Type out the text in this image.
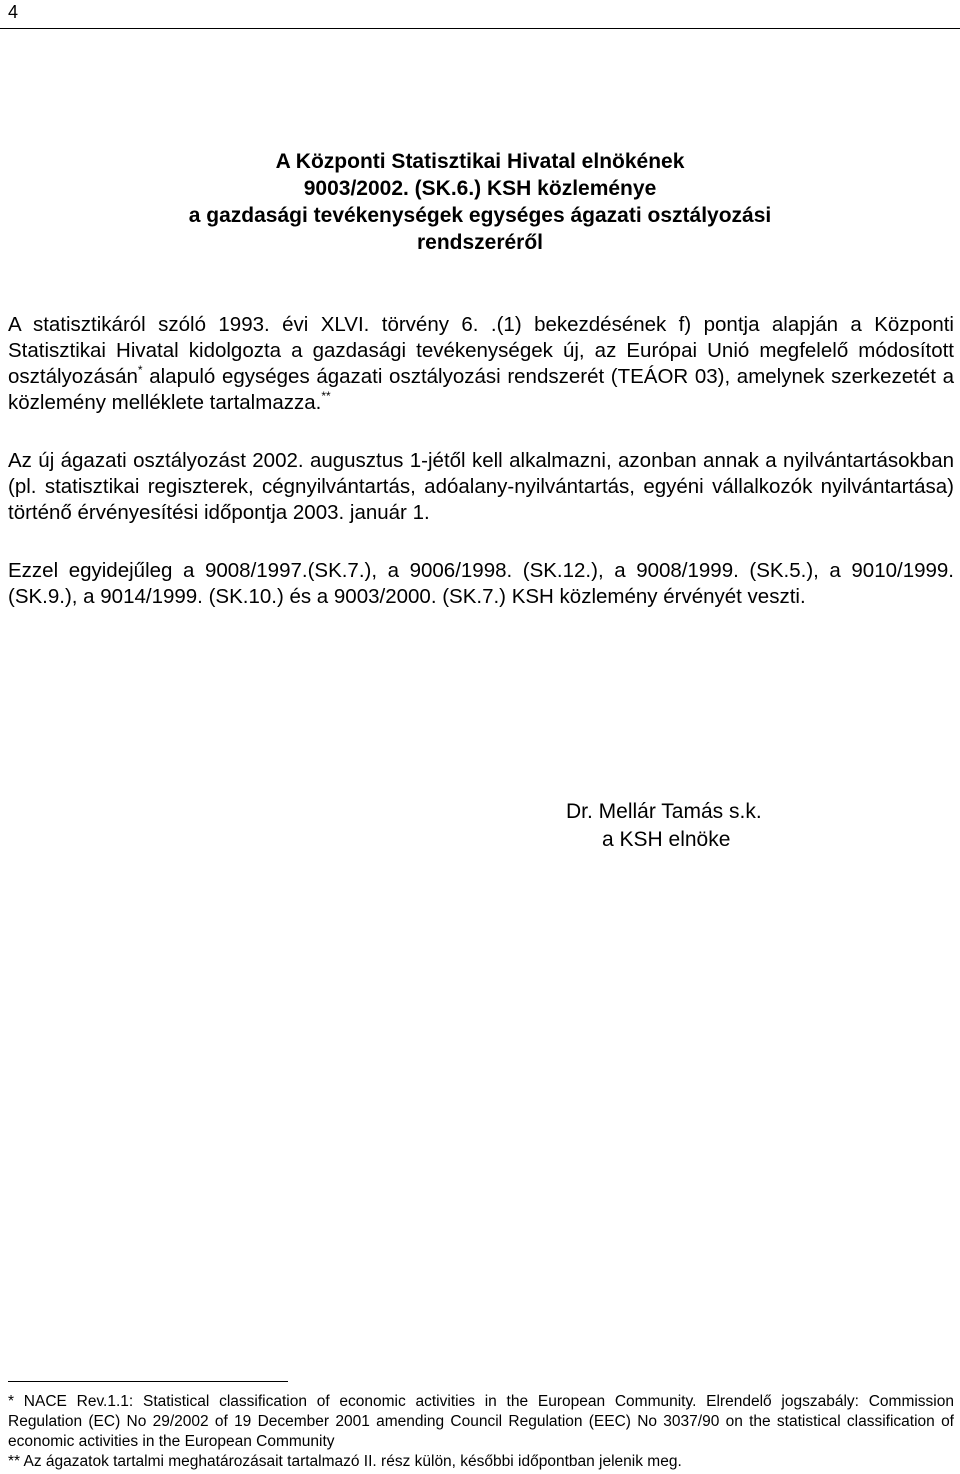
4
A Központi Statisztikai Hivatal elnökének
9003/2002. (SK.6.) KSH közleménye
a gazdasági tevékenységek egységes ágazati osztályozási
rendszeréről
A statisztikáról szóló 1993. évi XLVI. törvény 6. .(1) bekezdésének f) pontja alapján a Központi Statisztikai Hivatal kidolgozta a gazdasági tevékenységek új, az Európai Unió megfelelő módosított osztályozásán* alapuló egységes ágazati osztályozási rendszerét (TEÁOR 03), amelynek szerkezetét a közlemény melléklete tartalmazza.**
Az új ágazati osztályozást 2002. augusztus 1-jétől kell alkalmazni, azonban annak a nyilvántartásokban (pl. statisztikai regiszterek, cégnyilvántartás, adóalany-nyilvántartás, egyéni vállalkozók nyilvántartása) történő érvényesítési időpontja 2003. január 1.
Ezzel egyidejűleg a 9008/1997.(SK.7.), a 9006/1998. (SK.12.), a 9008/1999. (SK.5.), a 9010/1999. (SK.9.), a 9014/1999. (SK.10.) és a 9003/2000. (SK.7.) KSH közlemény érvényét veszti.
Dr. Mellár Tamás s.k.
a KSH elnöke
* NACE Rev.1.1: Statistical classification of economic activities in the European Community. Elrendelő jogszabály: Commission Regulation (EC) No 29/2002 of 19 December 2001 amending Council Regulation (EEC) No 3037/90 on the statistical classification of economic activities in the European Community
** Az ágazatok tartalmi meghatározásait tartalmazó II. rész külön, későbbi időpontban jelenik meg.
